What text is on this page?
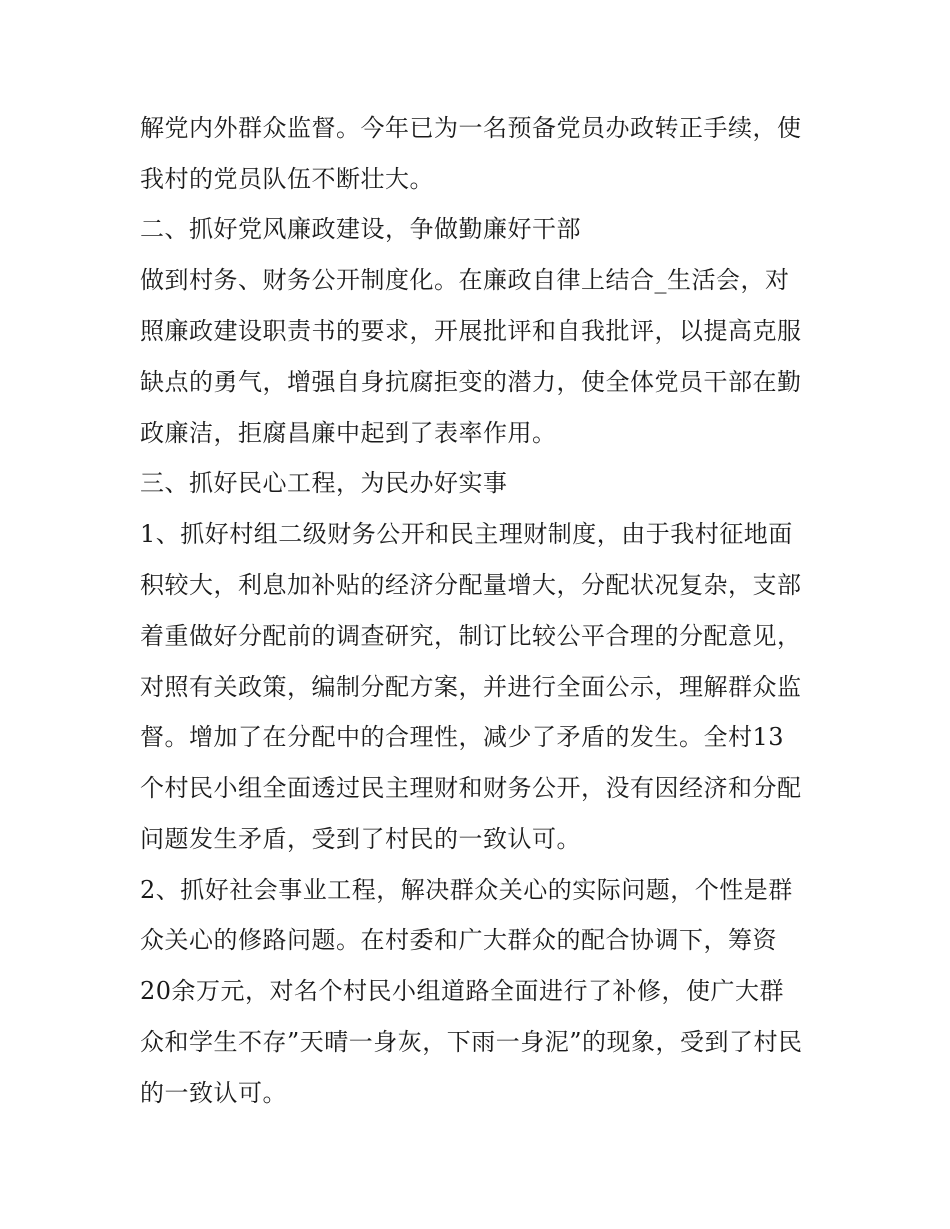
解党内外群众监督。今年已为一名预备党员办政转正手续，使
我村的党员队伍不断壮大。
二、抓好党风廉政建设，争做勤廉好干部
做到村务、财务公开制度化。在廉政自律上结合_生活会，对
照廉政建设职责书的要求，开展批评和自我批评，以提高克服
缺点的勇气，增强自身抗腐拒变的潜力，使全体党员干部在勤
政廉洁，拒腐昌廉中起到了表率作用。
三、抓好民心工程，为民办好实事
1、抓好村组二级财务公开和民主理财制度，由于我村征地面
积较大，利息加补贴的经济分配量增大，分配状况复杂，支部
着重做好分配前的调查研究，制订比较公平合理的分配意见，
对照有关政策，编制分配方案，并进行全面公示，理解群众监
督。增加了在分配中的合理性，减少了矛盾的发生。全村13
个村民小组全面透过民主理财和财务公开，没有因经济和分配
问题发生矛盾，受到了村民的一致认可。
2、抓好社会事业工程，解决群众关心的实际问题，个性是群
众关心的修路问题。在村委和广大群众的配合协调下，筹资
20余万元，对名个村民小组道路全面进行了补修，使广大群
众和学生不存”天晴一身灰，下雨一身泥”的现象，受到了村民
的一致认可。
